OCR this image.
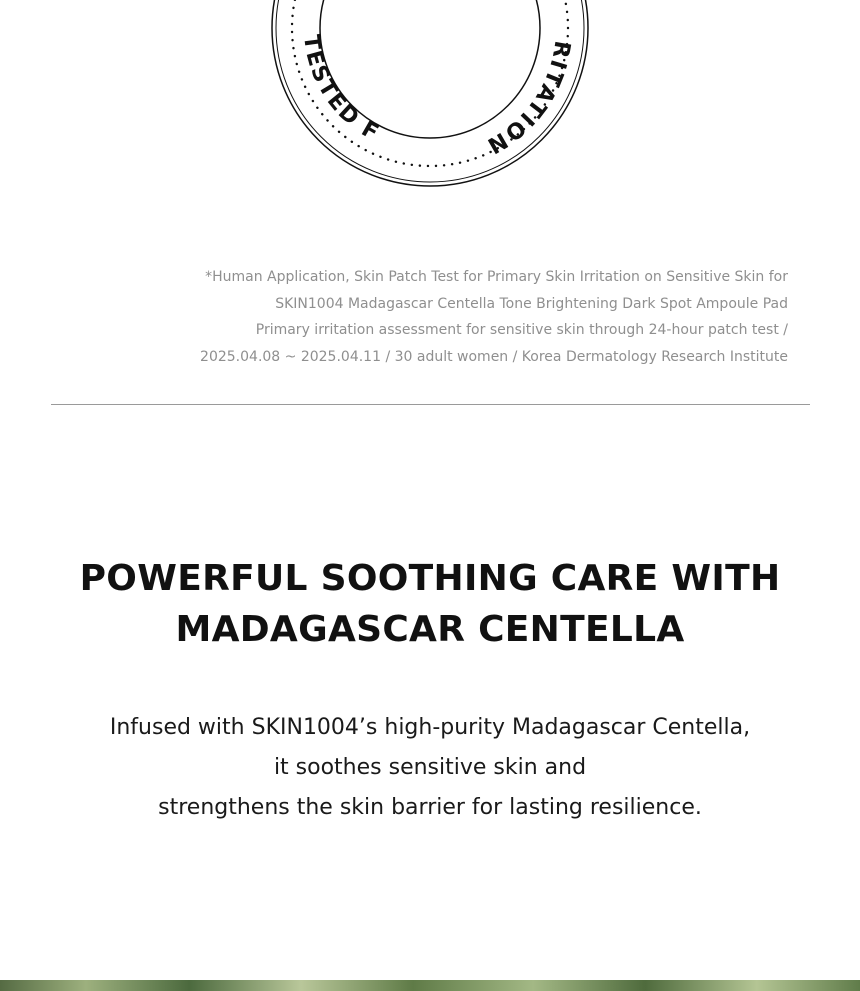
TESTED F
RITATION
*Human Application, Skin Patch Test for Primary Skin Irritation on Sensitive Skin for
SKIN1004 Madagascar Centella Tone Brightening Dark Spot Ampoule Pad
Primary irritation assessment for sensitive skin through 24-hour patch test /
2025.04.08 ~ 2025.04.11 / 30 adult women / Korea Dermatology Research Institute
POWERFUL SOOTHING CARE WITH
MADAGASCAR CENTELLA
Infused with SKIN1004’s high-purity Madagascar Centella,
it soothes sensitive skin and
strengthens the skin barrier for lasting resilience.
